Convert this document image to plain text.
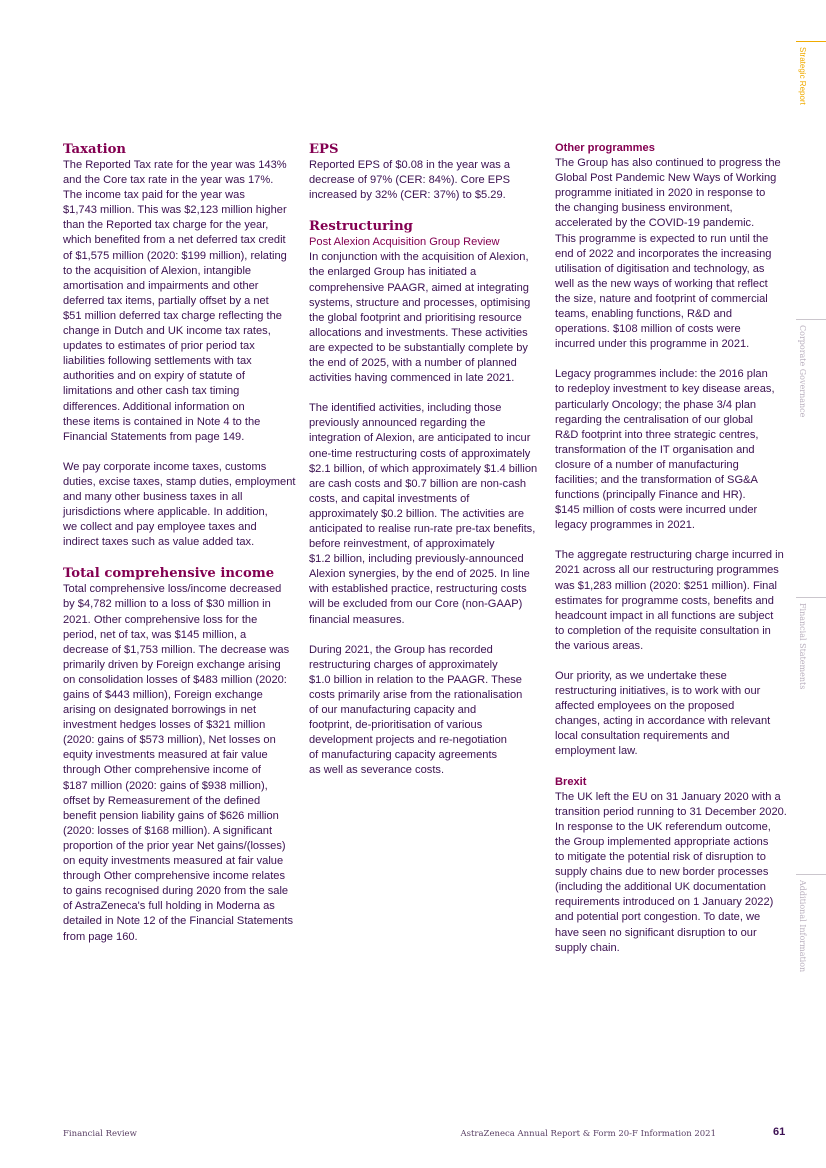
Strategic Report
Corporate Governance
Financial Statements
Additional Information
Taxation

The Reported Tax rate for the year was 143%
and the Core tax rate in the year was 17%.
The income tax paid for the year was
$1,743 million. This was $2,123 million higher
than the Reported tax charge for the year,
which benefited from a net deferred tax credit
of $1,575 million (2020: $199 million), relating
to the acquisition of Alexion, intangible
amortisation and impairments and other
deferred tax items, partially offset by a net
$51 million deferred tax charge reflecting the
change in Dutch and UK income tax rates,
updates to estimates of prior period tax
liabilities following settlements with tax
authorities and on expiry of statute of
limitations and other cash tax timing
differences. Additional information on
these items is contained in Note 4 to the
Financial Statements from page 149.

We pay corporate income taxes, customs
duties, excise taxes, stamp duties, employment
and many other business taxes in all
jurisdictions where applicable. In addition,
we collect and pay employee taxes and
indirect taxes such as value added tax.

Total comprehensive income

Total comprehensive loss/income decreased
by $4,782 million to a loss of $30 million in
2021. Other comprehensive loss for the
period, net of tax, was $145 million, a
decrease of $1,753 million. The decrease was
primarily driven by Foreign exchange arising
on consolidation losses of $483 million (2020:
gains of $443 million), Foreign exchange
arising on designated borrowings in net
investment hedges losses of $321 million
(2020: gains of $573 million), Net losses on
equity investments measured at fair value
through Other comprehensive income of
$187 million (2020: gains of $938 million),
offset by Remeasurement of the defined
benefit pension liability gains of $626 million
(2020: losses of $168 million). A significant
proportion of the prior year Net gains/(losses)
on equity investments measured at fair value
through Other comprehensive income relates
to gains recognised during 2020 from the sale
of AstraZeneca's full holding in Moderna as
detailed in Note 12 of the Financial Statements
from page 160.

EPS

Reported EPS of $0.08 in the year was a
decrease of 97% (CER: 84%). Core EPS
increased by 32% (CER: 37%) to $5.29.

Restructuring

Post Alexion Acquisition Group Review

In conjunction with the acquisition of Alexion,
the enlarged Group has initiated a
comprehensive PAAGR, aimed at integrating
systems, structure and processes, optimising
the global footprint and prioritising resource
allocations and investments. These activities
are expected to be substantially complete by
the end of 2025, with a number of planned
activities having commenced in late 2021.

The identified activities, including those
previously announced regarding the
integration of Alexion, are anticipated to incur
one-time restructuring costs of approximately
$2.1 billion, of which approximately $1.4 billion
are cash costs and $0.7 billion are non-cash
costs, and capital investments of
approximately $0.2 billion. The activities are
anticipated to realise run-rate pre-tax benefits,
before reinvestment, of approximately
$1.2 billion, including previously-announced
Alexion synergies, by the end of 2025. In line
with established practice, restructuring costs
will be excluded from our Core (non-GAAP)
financial measures.

During 2021, the Group has recorded
restructuring charges of approximately
$1.0 billion in relation to the PAAGR. These
costs primarily arise from the rationalisation
of our manufacturing capacity and
footprint, de-prioritisation of various
development projects and re-negotiation
of manufacturing capacity agreements
as well as severance costs.

Other programmes

The Group has also continued to progress the
Global Post Pandemic New Ways of Working
programme initiated in 2020 in response to
the changing business environment,
accelerated by the COVID-19 pandemic.
This programme is expected to run until the
end of 2022 and incorporates the increasing
utilisation of digitisation and technology, as
well as the new ways of working that reflect
the size, nature and footprint of commercial
teams, enabling functions, R&D and
operations. $108 million of costs were
incurred under this programme in 2021.

Legacy programmes include: the 2016 plan
to redeploy investment to key disease areas,
particularly Oncology; the phase 3/4 plan
regarding the centralisation of our global
R&D footprint into three strategic centres,
transformation of the IT organisation and
closure of a number of manufacturing
facilities; and the transformation of SG&A
functions (principally Finance and HR).
$145 million of costs were incurred under
legacy programmes in 2021.

The aggregate restructuring charge incurred in
2021 across all our restructuring programmes
was $1,283 million (2020: $251 million). Final
estimates for programme costs, benefits and
headcount impact in all functions are subject
to completion of the requisite consultation in
the various areas.

Our priority, as we undertake these
restructuring initiatives, is to work with our
affected employees on the proposed
changes, acting in accordance with relevant
local consultation requirements and
employment law.

Brexit

The UK left the EU on 31 January 2020 with a
transition period running to 31 December 2020.
In response to the UK referendum outcome,
the Group implemented appropriate actions
to mitigate the potential risk of disruption to
supply chains due to new border processes
(including the additional UK documentation
requirements introduced on 1 January 2022)
and potential port congestion. To date, we
have seen no significant disruption to our
supply chain.

Financial Review	AstraZeneca Annual Report & Form 20-F Information 2021	61
